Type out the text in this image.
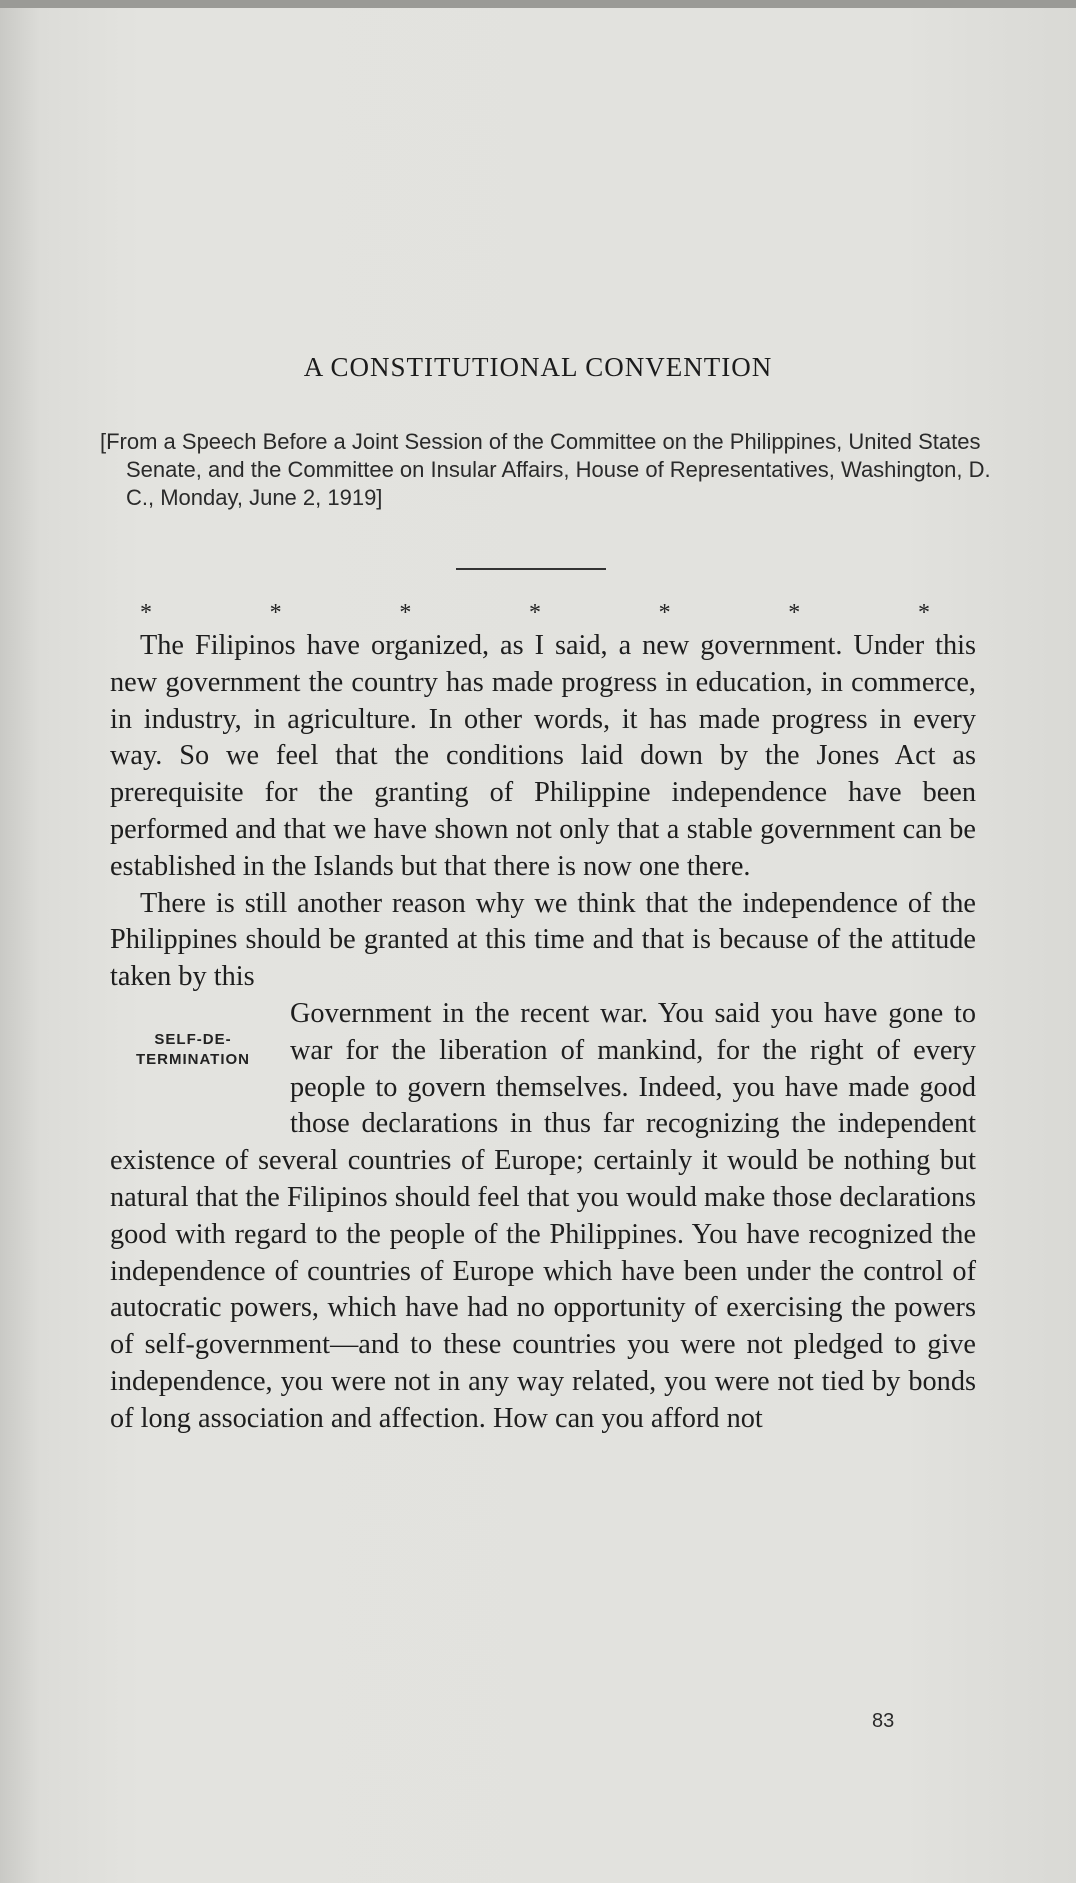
A CONSTITUTIONAL CONVENTION

[From a Speech Before a Joint Session of the Committee on the Philippines, United States Senate, and the Committee on Insular Affairs, House of Representatives, Washington, D. C., Monday, June 2, 1919]

*	*	*	*	*	*	*

The Filipinos have organized, as I said, a new government. Under this new government the country has made progress in education, in commerce, in industry, in agriculture. In other words, it has made progress in every way. So we feel that the conditions laid down by the Jones Act as prerequisite for the granting of Philippine independence have been performed and that we have shown not only that a stable government can be established in the Islands but that there is now one there.

There is still another reason why we think that the independence of the Philippines should be granted at this time and that is because of the attitude taken by this

SELF-DE-TERMINATION

Government in the recent war. You said you have gone to war for the liberation of mankind, for the right of every people to govern themselves. Indeed, you have made good those declarations in thus far recognizing the independent existence of several countries of Europe; certainly it would be nothing but natural that the Filipinos should feel that you would make those declarations good with regard to the people of the Philippines. You have recognized the independence of countries of Europe which have been under the control of autocratic powers, which have had no opportunity of exercising the powers of self-government—and to these countries you were not pledged to give independence, you were not in any way related, you were not tied by bonds of long association and affection. How can you afford not

83
